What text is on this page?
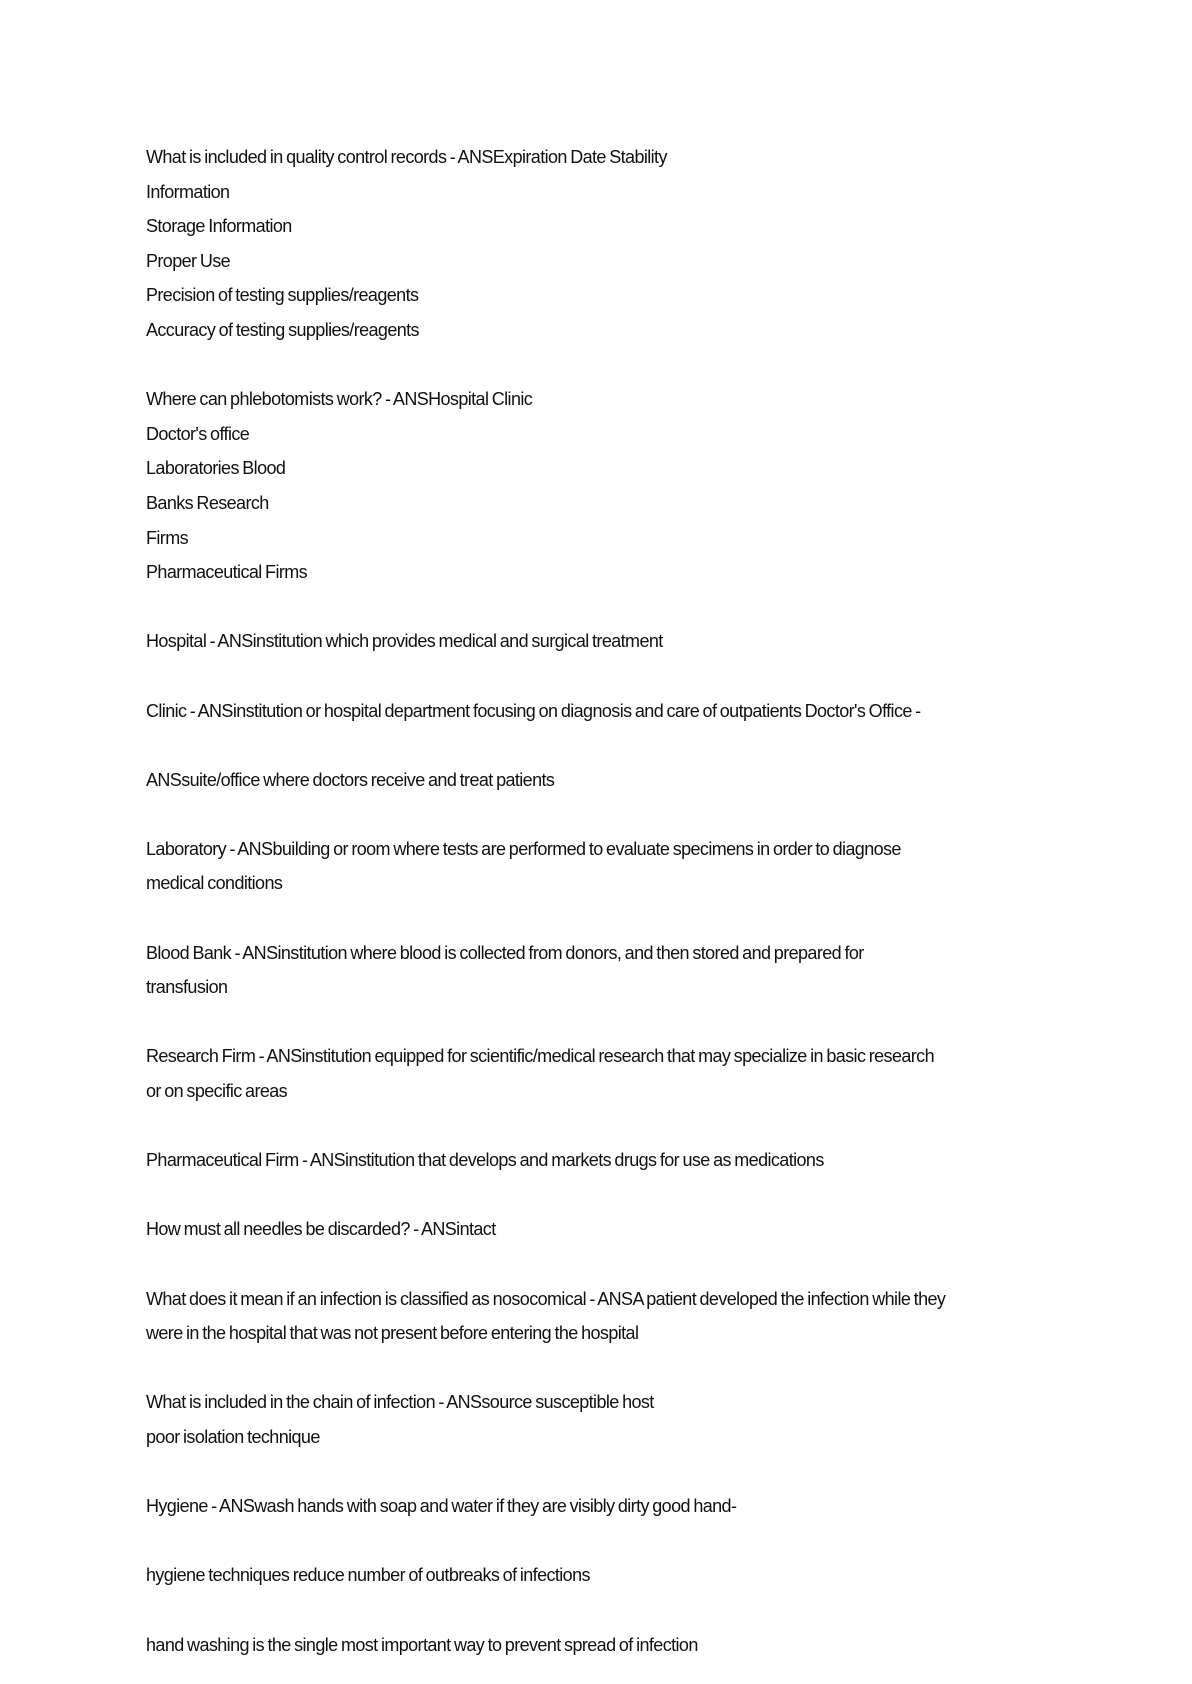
What is included in quality control records - ANSExpiration Date Stability
Information
Storage Information
Proper Use
Precision of testing supplies/reagents
Accuracy of testing supplies/reagents
Where can phlebotomists work? - ANSHospital Clinic
Doctor's office
Laboratories Blood
Banks Research
Firms
Pharmaceutical Firms
Hospital - ANSinstitution which provides medical and surgical treatment
Clinic - ANSinstitution or hospital department focusing on diagnosis and care of outpatients Doctor's Office -
ANSsuite/office where doctors receive and treat patients
Laboratory - ANSbuilding or room where tests are performed to evaluate specimens in order to diagnose
medical conditions
Blood Bank - ANSinstitution where blood is collected from donors, and then stored and prepared for
transfusion
Research Firm - ANSinstitution equipped for scientific/medical research that may specialize in basic research
or on specific areas
Pharmaceutical Firm - ANSinstitution that develops and markets drugs for use as medications
How must all needles be discarded? - ANSintact
What does it mean if an infection is classified as nosocomical - ANSA patient developed the infection while they
were in the hospital that was not present before entering the hospital
What is included in the chain of infection - ANSsource susceptible host
poor isolation technique
Hygiene - ANSwash hands with soap and water if they are visibly dirty good hand-
hygiene techniques reduce number of outbreaks of infections
hand washing is the single most important way to prevent spread of infection
